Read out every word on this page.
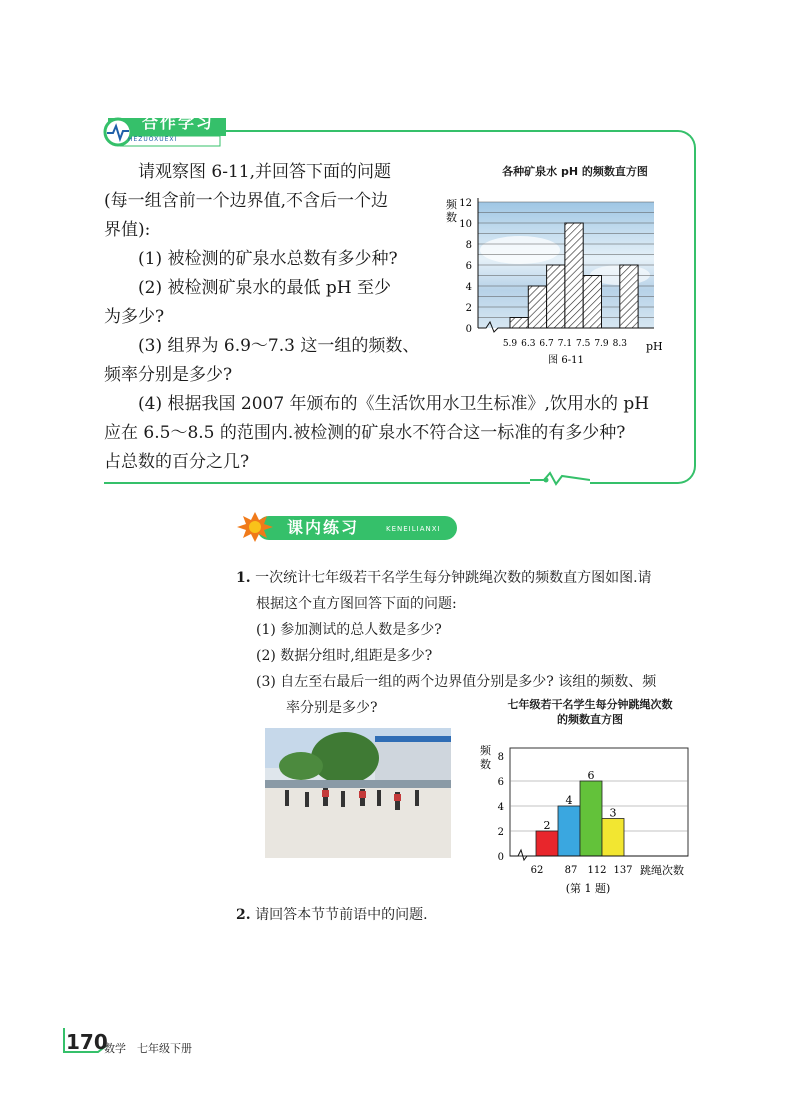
合作学习
HEZUOXUEXI

请观察图 6-11,并回答下面的问题

(每一组含前一个边界值,不含后一个边

界值):

(1) 被检测的矿泉水总数有多少种?

(2) 被检测矿泉水的最低 pH 至少

为多少?

(3) 组界为 6.9～7.3 这一组的频数、

频率分别是多少?

(4) 根据我国 2007 年颁布的《生活饮用水卫生标准》,饮用水的 pH

应在 6.5～8.5 的范围内.被检测的矿泉水不符合这一标准的有多少种?

占总数的百分之几?

各种矿泉水 pH 的频数直方图
0
2
4
6
8
10
12
5.9 6.3 6.7 7.1 7.5 7.9 8.3
频
数
pH
图 6-11
课内练习	KENEILIANXI

1. 一次统计七年级若干名学生每分钟跳绳次数的频数直方图如图.请

根据这个直方图回答下面的问题:

(1) 参加测试的总人数是多少?

(2) 数据分组时,组距是多少?

(3) 自左至右最后一组的两个边界值分别是多少? 该组的频数、频

率分别是多少?	七年级若干名学生每分钟跳绳次数
的频数直方图
2
4
6
3
0
2
4
6
8
62 87 112 137
频
数
跳绳次数
(第 1 题)

2. 请回答本节节前语中的问题.

170
数学　七年级下册
